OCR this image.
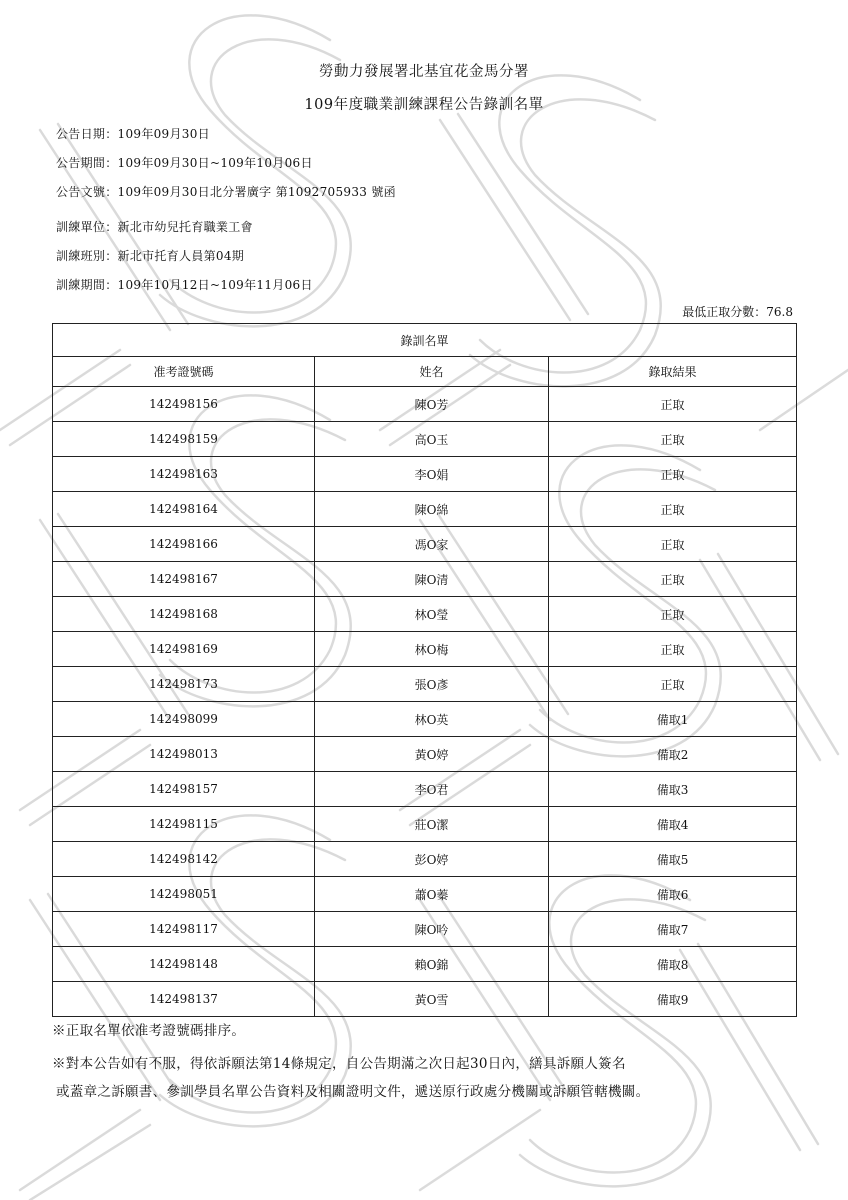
勞動力發展署北基宜花金馬分署
109年度職業訓練課程公告錄訓名單
公告日期 ： 109年09月30日
公告期間 ： 109年09月30日~109年10月06日
公告文號 ： 109年09月30日北分署廣字 第1092705933 號函
訓練單位 ： 新北市幼兒托育職業工會
訓練班別 ： 新北市托育人員第04期
訓練期間 ： 109年10月12日~109年11月06日
最低正取分數 ： 76.8
錄訓名單		
准考證號碼	姓名	錄取結果
142498156	陳O芳	正取
142498159	高O玉	正取
142498163	李O娟	正取
142498164	陳O綿	正取
142498166	馮O家	正取
142498167	陳O清	正取
142498168	林O瑩	正取
142498169	林O梅	正取
142498173	張O彥	正取
142498099	林O英	備取1
142498013	黃O婷	備取2
142498157	李O君	備取3
142498115	莊O潔	備取4
142498142	彭O婷	備取5
142498051	蕭O蓁	備取6
142498117	陳O吟	備取7
142498148	賴O錦	備取8
142498137	黃O雪	備取9
※正取名單依准考證號碼排序。
※對本公告如有不服，得依訴願法第14條規定，自公告期滿之次日起30日內，繕具訴願人簽名
或蓋章之訴願書、參訓學員名單公告資料及相關證明文件，遞送原行政處分機關或訴願管轄機關。
